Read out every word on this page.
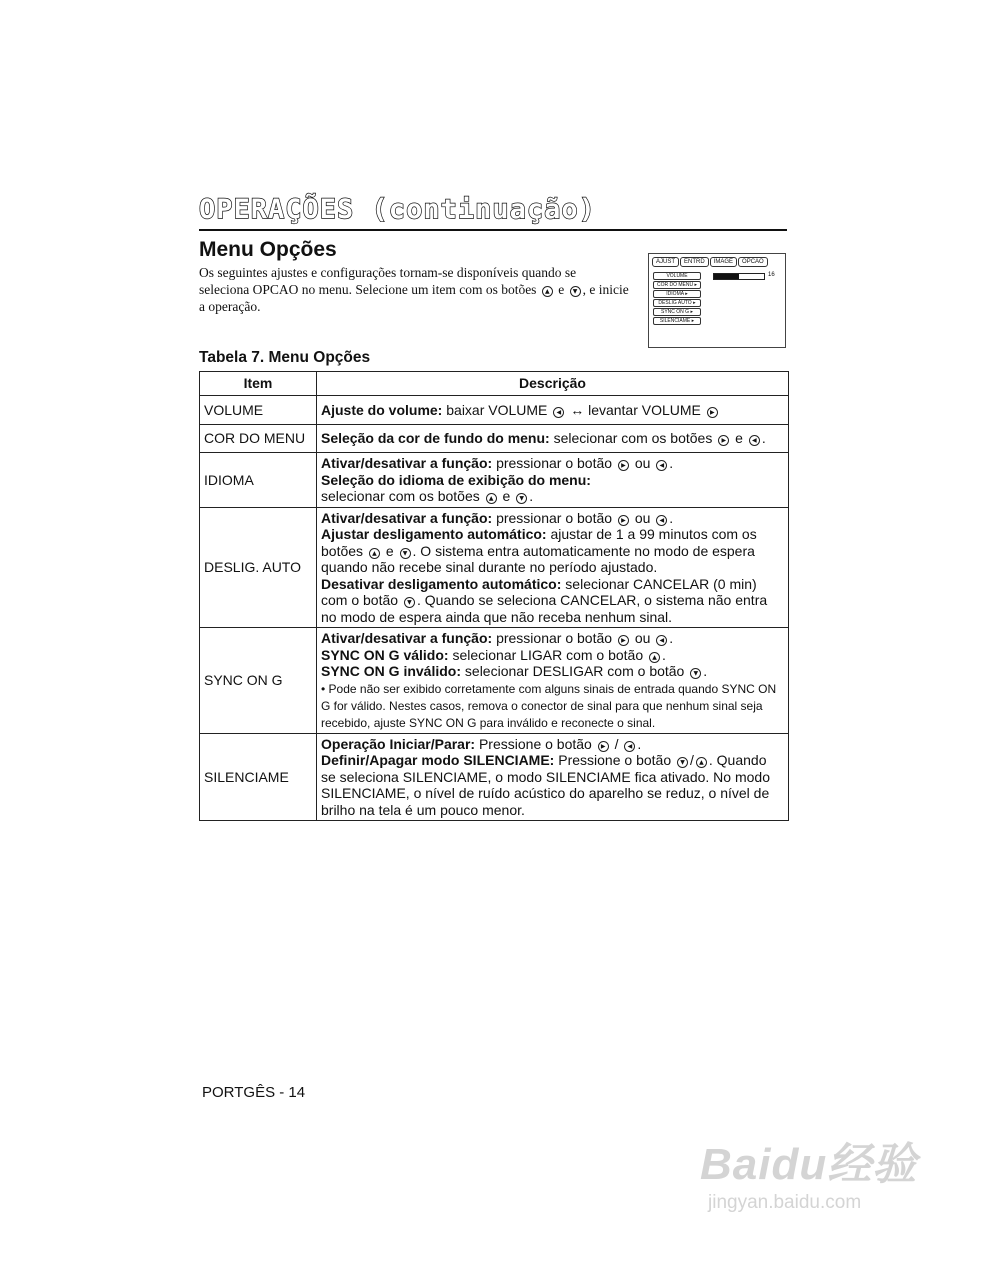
OPERAÇÕES (continuação)
Menu Opções
Os seguintes ajustes e configurações tornam-se disponíveis quando se seleciona OPCAO no menu. Selecione um item com os botões ▲ e ▼ , e inicie a operação.
AJUST	ENTRD	IMAGE	OPCAO
VOLUME
COR DO MENU ▸
IDIOMA ▸
DESLIG AUTO ▸
SYNC ON G ▸
SILENCIAME ▸
16
Tabela 7. Menu Opções
Item	Descrição
VOLUME	Ajuste do volume: baixar VOLUME ◀ ↔ levantar VOLUME ▶
COR DO MENU	Seleção da cor de fundo do menu: selecionar com os botões ▶ e ◀ .
IDIOMA	Ativar/desativar a função: pressionar o botão ▶ ou ◀ .
Seleção do idioma de exibição do menu:
selecionar com os botões ▲ e ▼ .
DESLIG. AUTO	Ativar/desativar a função: pressionar o botão ▶ ou ◀ .
Ajustar desligamento automático: ajustar de 1 a 99 minutos com os botões ▲ e ▼ . O sistema entra automaticamente no modo de espera quando não recebe sinal durante no período ajustado.
Desativar desligamento automático: selecionar CANCELAR (0 min) com o botão ▼ . Quando se seleciona CANCELAR, o sistema não entra no modo de espera ainda que não receba nenhum sinal.
SYNC ON G	Ativar/desativar a função: pressionar o botão ▶ ou ◀ .
SYNC ON G válido: selecionar LIGAR com o botão ▲ .
SYNC ON G inválido: selecionar DESLIGAR com o botão ▼ .
• Pode não ser exibido corretamente com alguns sinais de entrada quando SYNC ON G for válido. Nestes casos, remova o conector de sinal para que nenhum sinal seja recebido, ajuste SYNC ON G para inválido e reconecte o sinal.
SILENCIAME	Operação Iniciar/Parar: Pressione o botão ▶ / ◀ .
Definir/Apagar modo SILENCIAME: Pressione o botão ▼ / ▲ . Quando se seleciona SILENCIAME, o modo SILENCIAME fica ativado. No modo SILENCIAME, o nível de ruído acústico do aparelho se reduz, o nível de brilho na tela é um pouco menor.
PORTGÊS - 14
Baidu经验
jingyan.baidu.com
